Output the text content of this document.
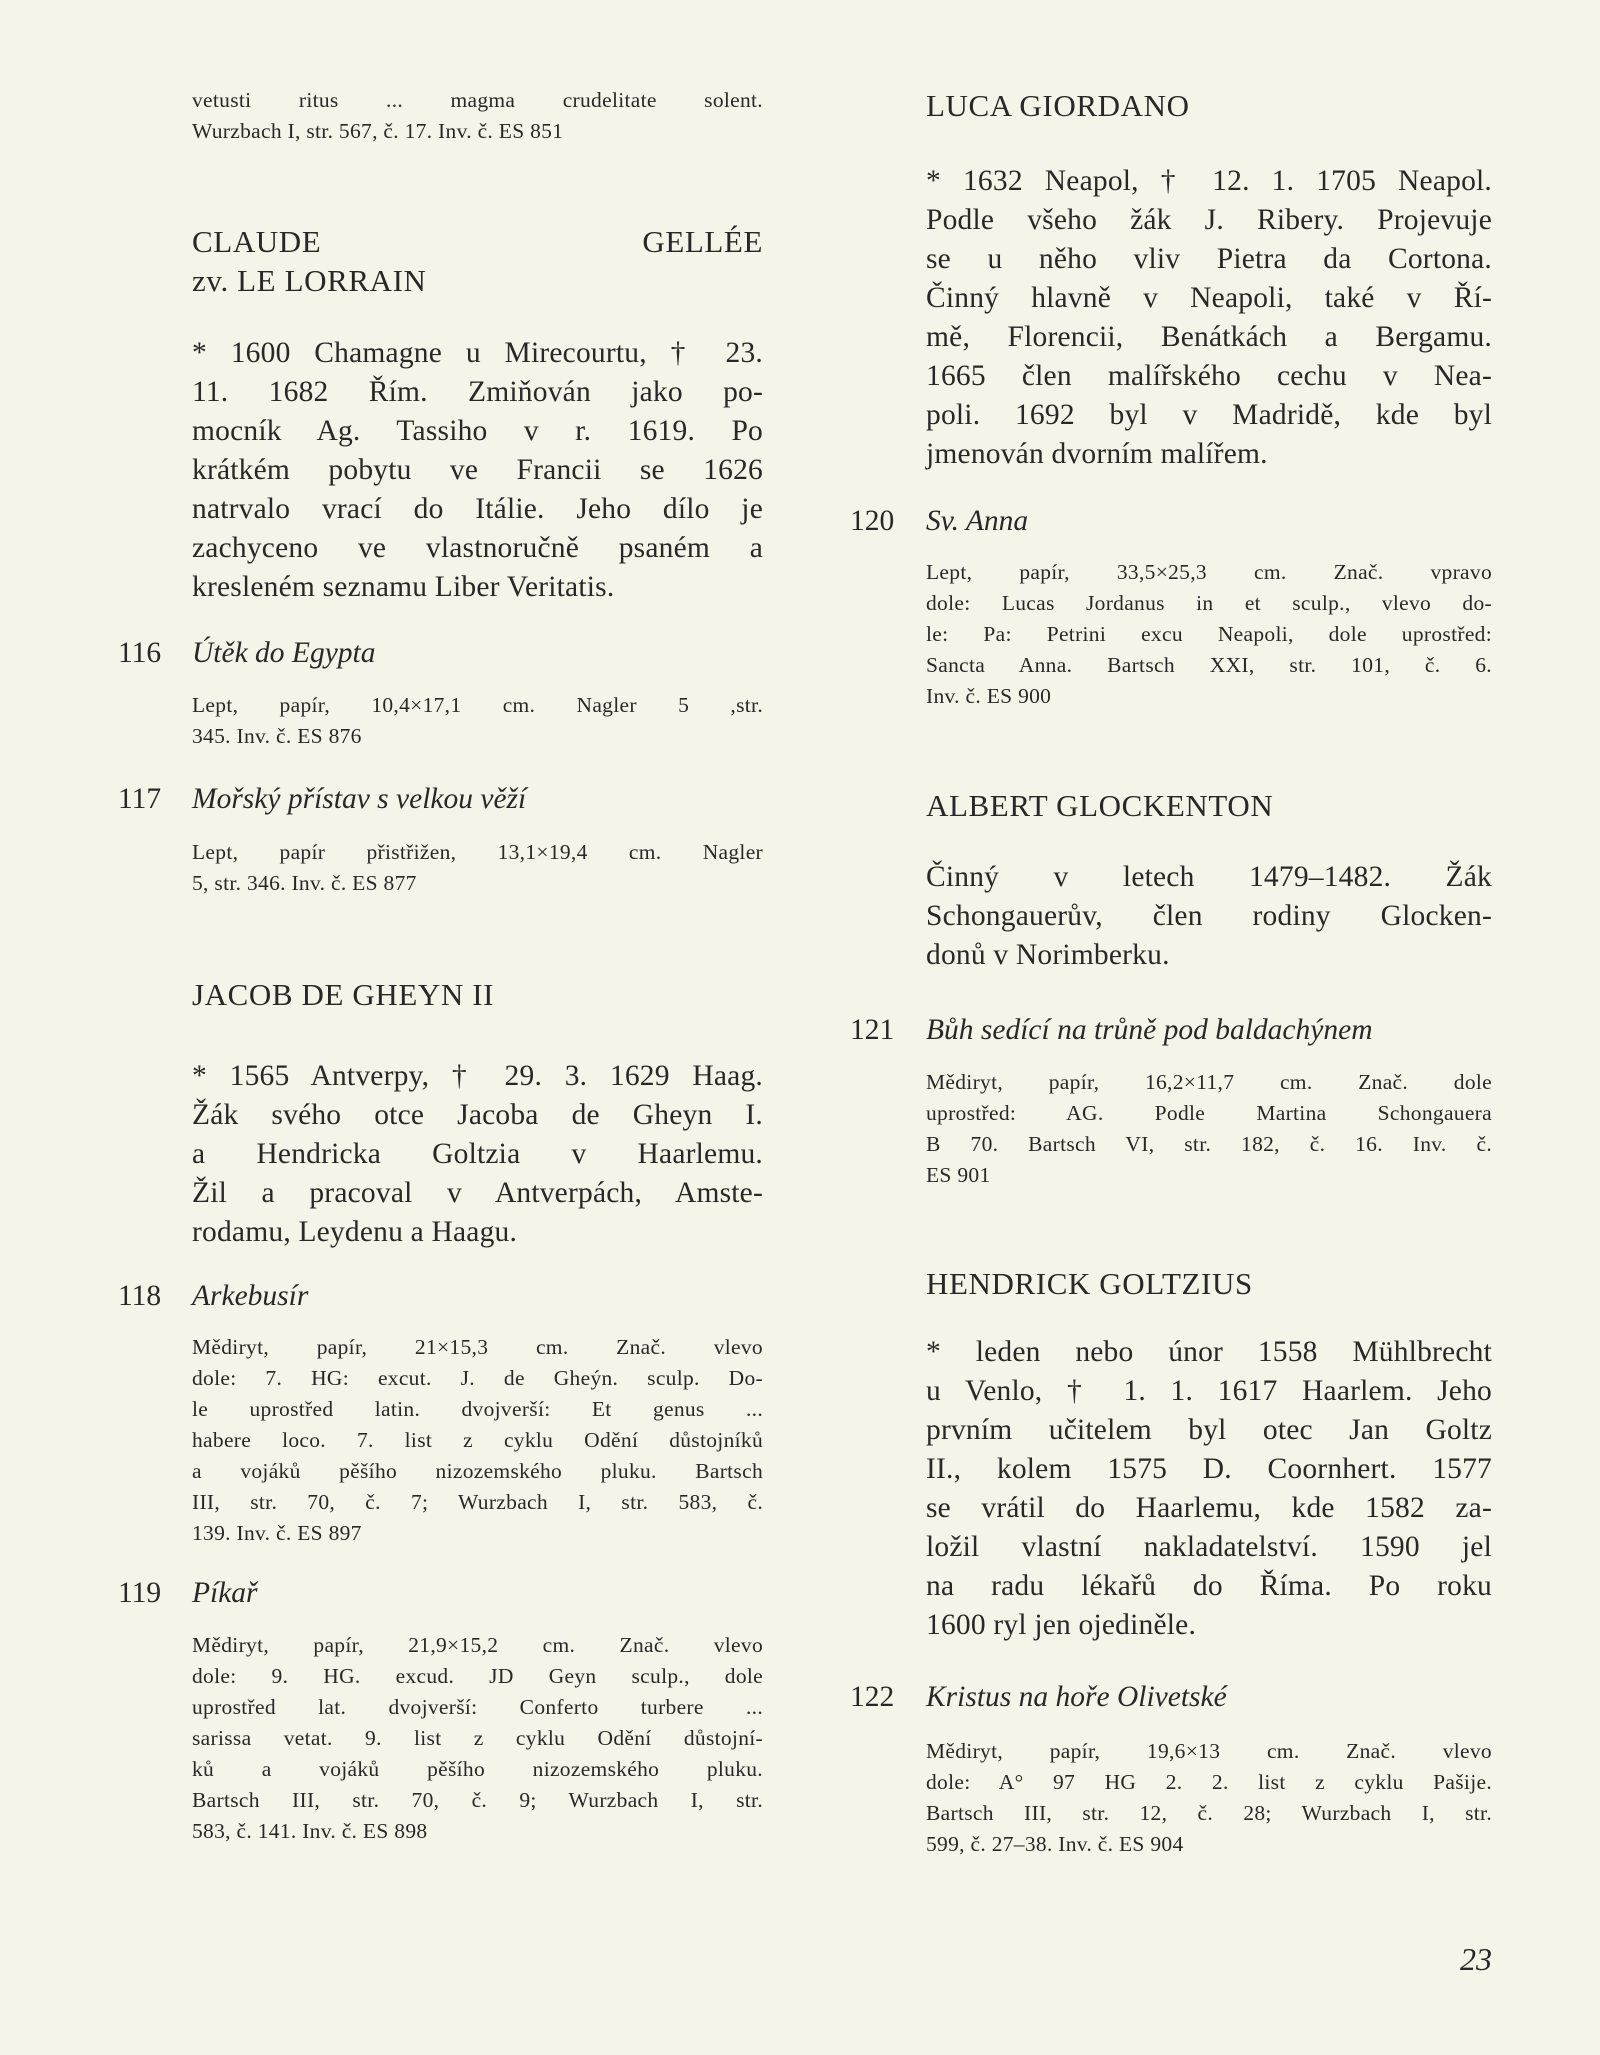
vetusti ritus ... magma crudelitate solent.
Wurzbach I, str. 567, č. 17. Inv. č. ES 851
CLAUDE GELLÉE
zv. LE LORRAIN
* 1600 Chamagne u Mirecourtu, † 23.
11. 1682 Řím. Zmiňován jako po-
mocník Ag. Tassiho v r. 1619. Po
krátkém pobytu ve Francii se 1626
natrvalo vrací do Itálie. Jeho dílo je
zachyceno ve vlastnoručně psaném a
kresleném seznamu Liber Veritatis.
Útěk do Egypta
116
Lept, papír, 10,4×17,1 cm. Nagler 5 ,str.
345. Inv. č. ES 876
Mořský přístav s velkou věží
117
Lept, papír přistřižen, 13,1×19,4 cm. Nagler
5, str. 346. Inv. č. ES 877
JACOB DE GHEYN II
* 1565 Antverpy, † 29. 3. 1629 Haag.
Žák svého otce Jacoba de Gheyn I.
a Hendricka Goltzia v Haarlemu.
Žil a pracoval v Antverpách, Amste-
rodamu, Leydenu a Haagu.
Arkebusír
118
Mědiryt, papír, 21×15,3 cm. Znač. vlevo
dole: 7. HG: excut. J. de Gheýn. sculp. Do-
le uprostřed latin. dvojverší: Et genus ...
habere loco. 7. list z cyklu Odění důstojníků
a vojáků pěšího nizozemského pluku. Bartsch
III, str. 70, č. 7; Wurzbach I, str. 583, č.
139. Inv. č. ES 897
Píkař
119
Mědiryt, papír, 21,9×15,2 cm. Znač. vlevo
dole: 9. HG. excud. JD Geyn sculp., dole
uprostřed lat. dvojverší: Conferto turbere ...
sarissa vetat. 9. list z cyklu Odění důstojní-
ků a vojáků pěšího nizozemského pluku.
Bartsch III, str. 70, č. 9; Wurzbach I, str.
583, č. 141. Inv. č. ES 898
LUCA GIORDANO
* 1632 Neapol, † 12. 1. 1705 Neapol.
Podle všeho žák J. Ribery. Projevuje
se u něho vliv Pietra da Cortona.
Činný hlavně v Neapoli, také v Ří-
mě, Florencii, Benátkách a Bergamu.
1665 člen malířského cechu v Nea-
poli. 1692 byl v Madridě, kde byl
jmenován dvorním malířem.
Sv. Anna
120
Lept, papír, 33,5×25,3 cm. Znač. vpravo
dole: Lucas Jordanus in et sculp., vlevo do-
le: Pa: Petrini excu Neapoli, dole uprostřed:
Sancta Anna. Bartsch XXI, str. 101, č. 6.
Inv. č. ES 900
ALBERT GLOCKENTON
Činný v letech 1479–1482. Žák
Schongauerův, člen rodiny Glocken-
donů v Norimberku.
Bůh sedící na trůně pod baldachýnem
121
Mědiryt, papír, 16,2×11,7 cm. Znač. dole
uprostřed: AG. Podle Martina Schongauera
B 70. Bartsch VI, str. 182, č. 16. Inv. č.
ES 901
HENDRICK GOLTZIUS
* leden nebo únor 1558 Mühlbrecht
u Venlo, † 1. 1. 1617 Haarlem. Jeho
prvním učitelem byl otec Jan Goltz
II., kolem 1575 D. Coornhert. 1577
se vrátil do Haarlemu, kde 1582 za-
ložil vlastní nakladatelství. 1590 jel
na radu lékařů do Říma. Po roku
1600 ryl jen ojediněle.
Kristus na hoře Olivetské
122
Mědiryt, papír, 19,6×13 cm. Znač. vlevo
dole: A° 97 HG 2. 2. list z cyklu Pašije.
Bartsch III, str. 12, č. 28; Wurzbach I, str.
599, č. 27–38. Inv. č. ES 904
23
